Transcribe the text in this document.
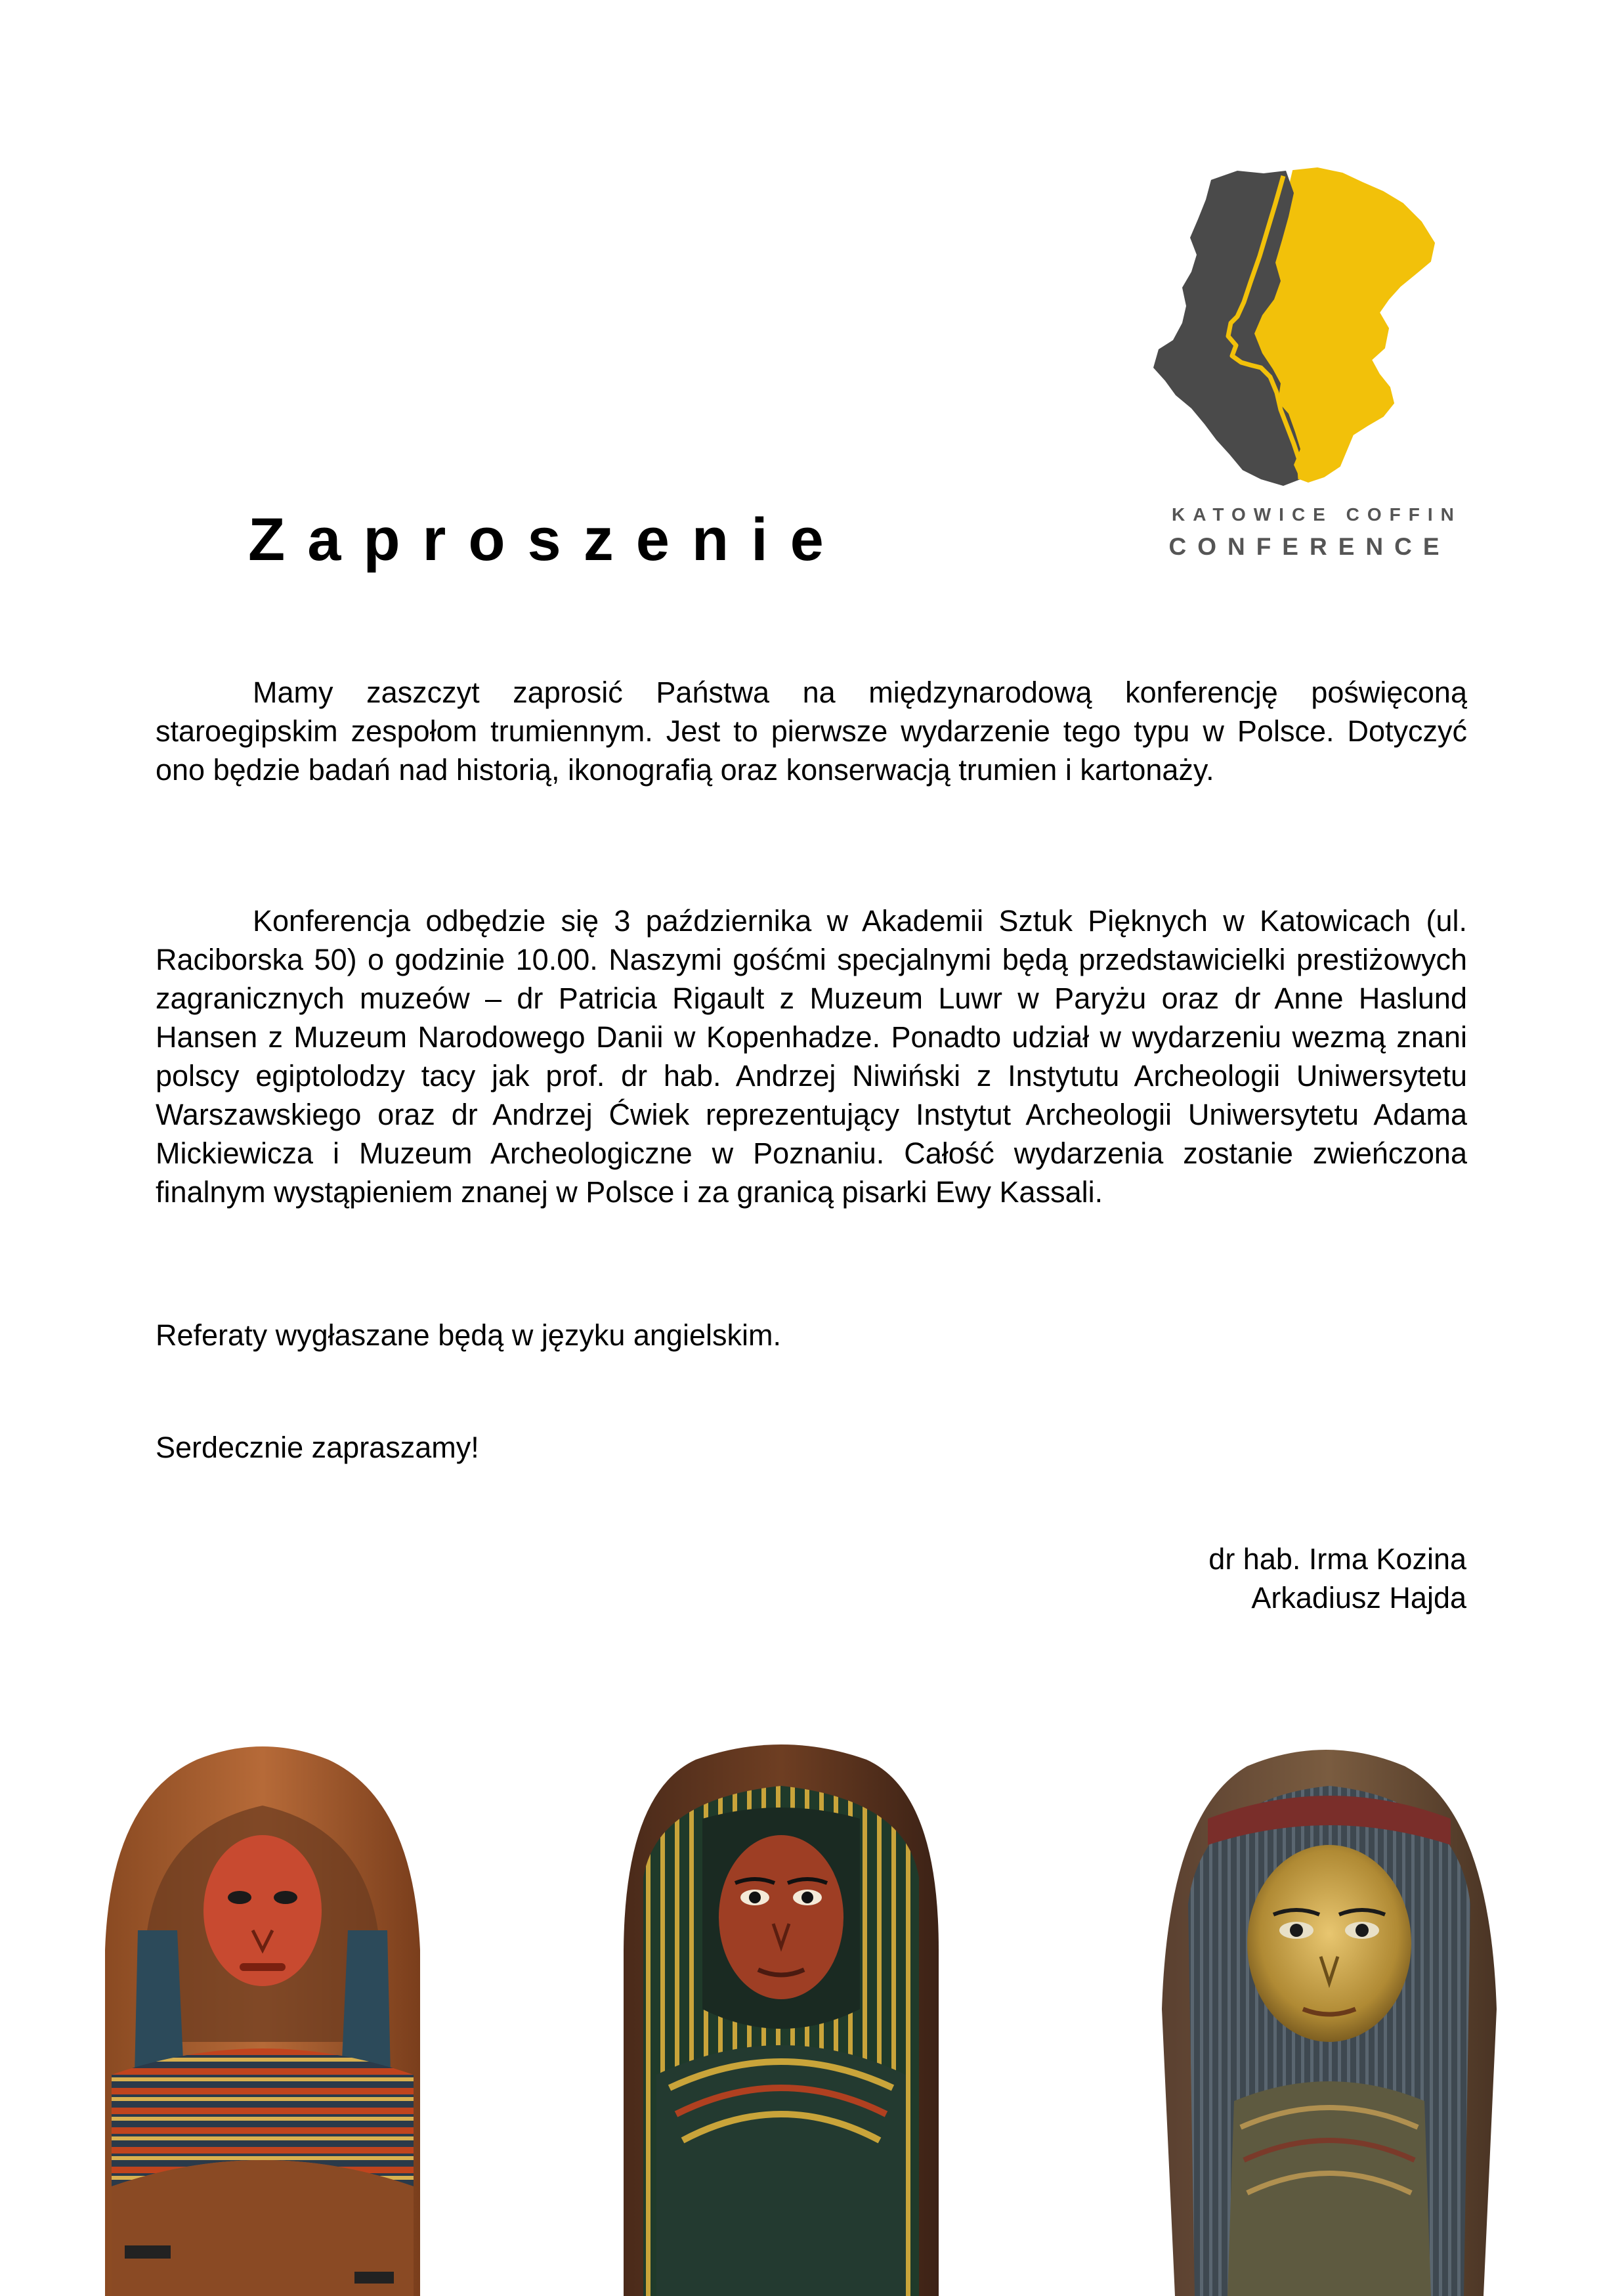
KATOWICE COFFIN
CONFERENCE
Zaproszenie

Mamy zaszczyt zaprosić Państwa na międzynarodową konferencję poświęconą staroegipskim zespołom trumiennym. Jest to pierwsze wydarzenie tego typu w Polsce. Dotyczyć ono będzie badań nad historią, ikonografią oraz konserwacją trumien i kartonaży.

Konferencja odbędzie się 3 października w Akademii Sztuk Pięknych w Katowicach (ul. Raciborska 50) o godzinie 10.00. Naszymi gośćmi specjalnymi będą przedstawicielki prestiżowych zagranicznych muzeów – dr Patricia Rigault z Muzeum Luwr w Paryżu oraz dr Anne Haslund Hansen z Muzeum Narodowego Danii w Kopenhadze. Ponadto udział w wydarzeniu wezmą znani polscy egiptolodzy tacy jak prof. dr hab. Andrzej Niwiński z Instytutu Archeologii Uniwersytetu Warszawskiego oraz dr Andrzej Ćwiek reprezentujący Instytut Archeologii Uniwersytetu Adama Mickiewicza i Muzeum Archeologiczne w Poznaniu. Całość wydarzenia zostanie zwieńczona finalnym wystąpieniem znanej w Polsce i za granicą pisarki Ewy Kassali.

Referaty wygłaszane będą w języku angielskim.

Serdecznie zapraszamy!

dr hab. Irma Kozina
Arkadiusz Hajda
